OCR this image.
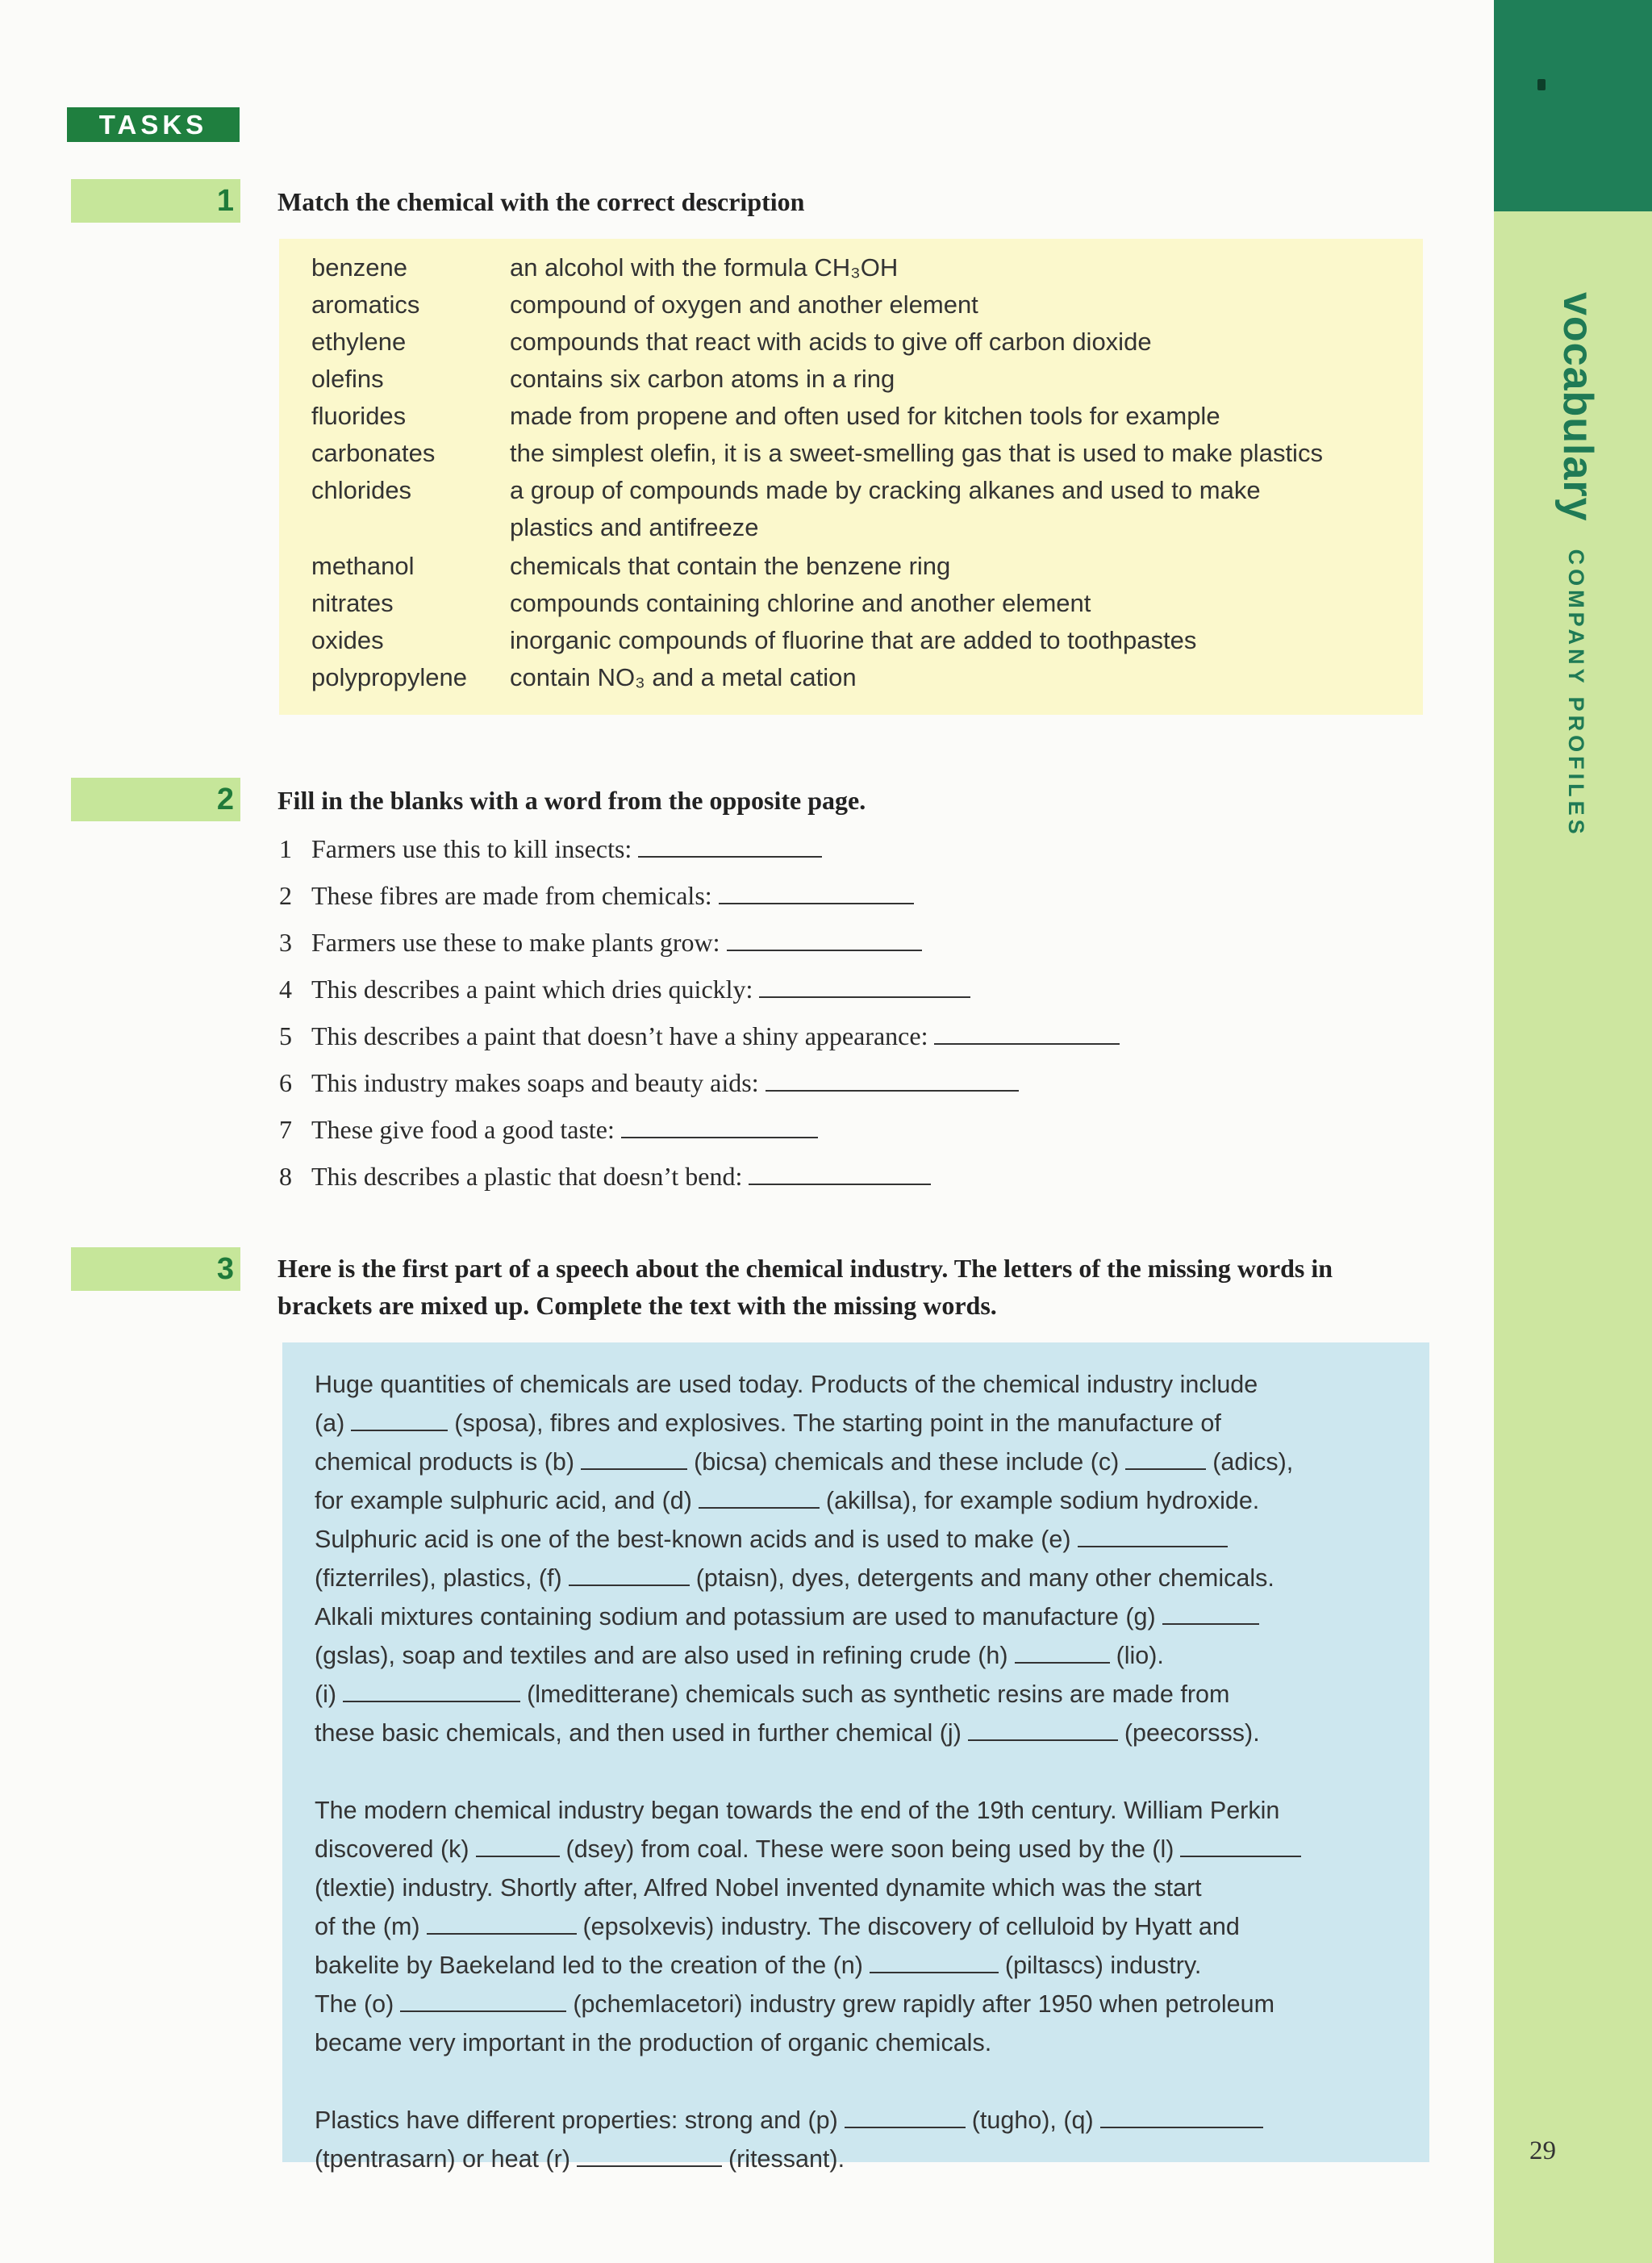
vocabularyCOMPANY PROFILES
29
TASKS
1 Match the chemical with the correct description
benzene	an alcohol with the formula CH₃OH
aromatics	compound of oxygen and another element
ethylene	compounds that react with acids to give off carbon dioxide
olefins	contains six carbon atoms in a ring
fluorides	made from propene and often used for kitchen tools for example
carbonates	the simplest olefin, it is a sweet-smelling gas that is used to make plastics
chlorides	a group of compounds made by cracking alkanes and used to make
plastics and antifreeze
methanol	chemicals that contain the benzene ring
nitrates	compounds containing chlorine and another element
oxides	inorganic compounds of fluorine that are added to toothpastes
polypropylene contain NO₃ and a metal cation
2 Fill in the blanks with a word from the opposite page.
1 Farmers use this to kill insects:
2 These fibres are made from chemicals:
3 Farmers use these to make plants grow:
4 This describes a paint which dries quickly:
5 This describes a paint that doesn’t have a shiny appearance:
6 This industry makes soaps and beauty aids:
7 These give food a good taste:
8 This describes a plastic that doesn’t bend:
3 Here is the first part of a speech about the chemical industry. The letters of the missing words in
brackets are mixed up. Complete the text with the missing words.
Huge quantities of chemicals are used today. Products of the chemical industry include
(a)	(sposa), fibres and explosives. The starting point in the manufacture of
chemical products is (b)	(bicsa) chemicals and these include (c)	(adics),
for example sulphuric acid, and (d)	(akillsa), for example sodium hydroxide.
Sulphuric acid is one of the best-known acids and is used to make (e)
(fizterriles), plastics, (f)	(ptaisn), dyes, detergents and many other chemicals.
Alkali mixtures containing sodium and potassium are used to manufacture (g)
(gslas), soap and textiles and are also used in refining crude (h)	(lio).
(i)	(lmeditterane) chemicals such as synthetic resins are made from
these basic chemicals, and then used in further chemical (j)	(peecorsss).
The modern chemical industry began towards the end of the 19th century. William Perkin
discovered (k)	(dsey) from coal. These were soon being used by the (l)
(tlextie) industry. Shortly after, Alfred Nobel invented dynamite which was the start
of the (m)	(epsolxevis) industry. The discovery of celluloid by Hyatt and
bakelite by Baekeland led to the creation of the (n)	(piltascs) industry.
The (o)	(pchemlacetori) industry grew rapidly after 1950 when petroleum
became very important in the production of organic chemicals.
Plastics have different properties: strong and (p)	(tugho), (q)
(tpentrasarn) or heat (r)	(ritessant).
